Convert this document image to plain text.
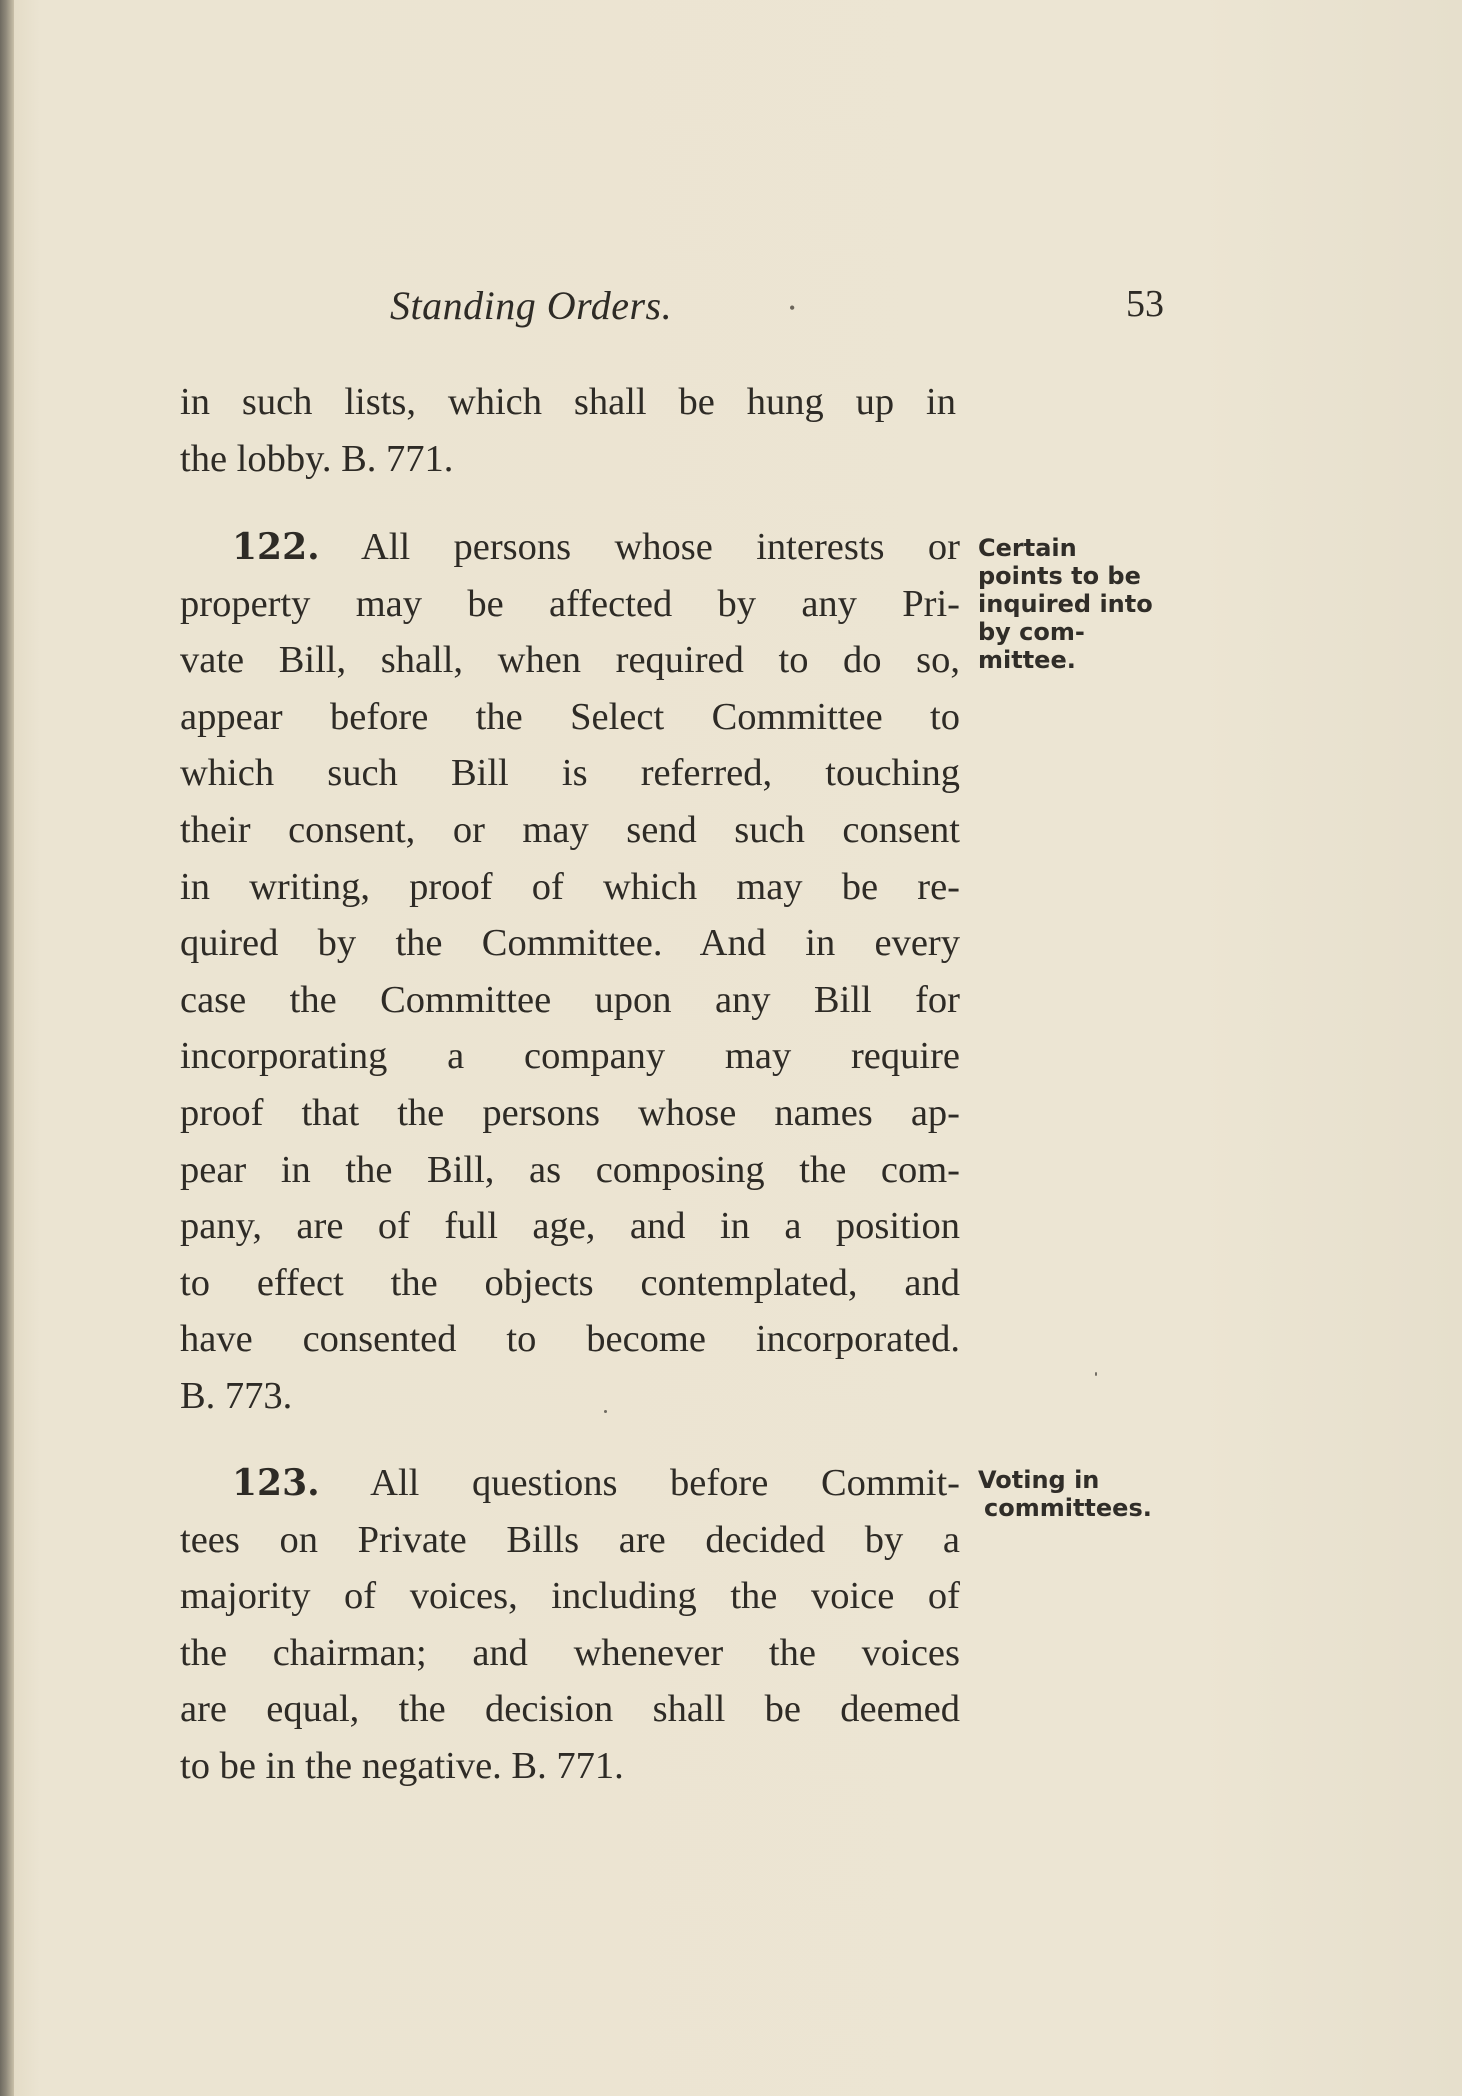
Standing Orders.	•	53
in such lists, which shall be hung up in
the lobby. B. 771.
122. All persons whose interests or
property may be affected by any Pri-
vate Bill, shall, when required to do so,
appear before the Select Committee to
which such Bill is referred, touching
their consent, or may send such consent
in writing, proof of which may be re-
quired by the Committee. And in every
case the Committee upon any Bill for
incorporating a company may require
proof that the persons whose names ap-
pear in the Bill, as composing the com-
pany, are of full age, and in a position
to effect the objects contemplated, and
have consented to become incorporated.
B. 773.
Certain
points to be
inquired into
by com-
mittee.
123. All questions before Commit-
tees on Private Bills are decided by a
majority of voices, including the voice of
the chairman; and whenever the voices
are equal, the decision shall be deemed
to be in the negative. B. 771.
Voting in
committees.
